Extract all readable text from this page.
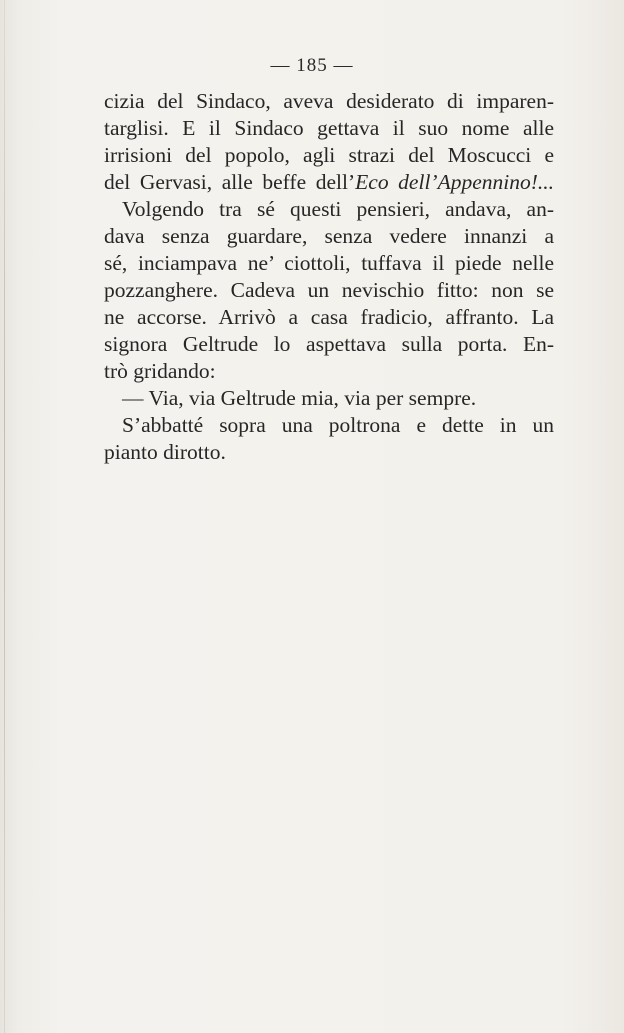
— 185 —
cizia del Sindaco, aveva desiderato di imparen-
targlisi. E il Sindaco gettava il suo nome alle
irrisioni del popolo, agli strazi del Moscucci e
del Gervasi, alle beffe dell’Eco dell’Appennino!...
Volgendo tra sé questi pensieri, andava, an-
dava senza guardare, senza vedere innanzi a
sé, inciampava ne’ ciottoli, tuffava il piede nelle
pozzanghere. Cadeva un nevischio fitto: non se
ne accorse. Arrivò a casa fradicio, affranto. La
signora Geltrude lo aspettava sulla porta. En-
trò gridando:
— Via, via Geltrude mia, via per sempre.
S’abbatté sopra una poltrona e dette in un
pianto dirotto.
